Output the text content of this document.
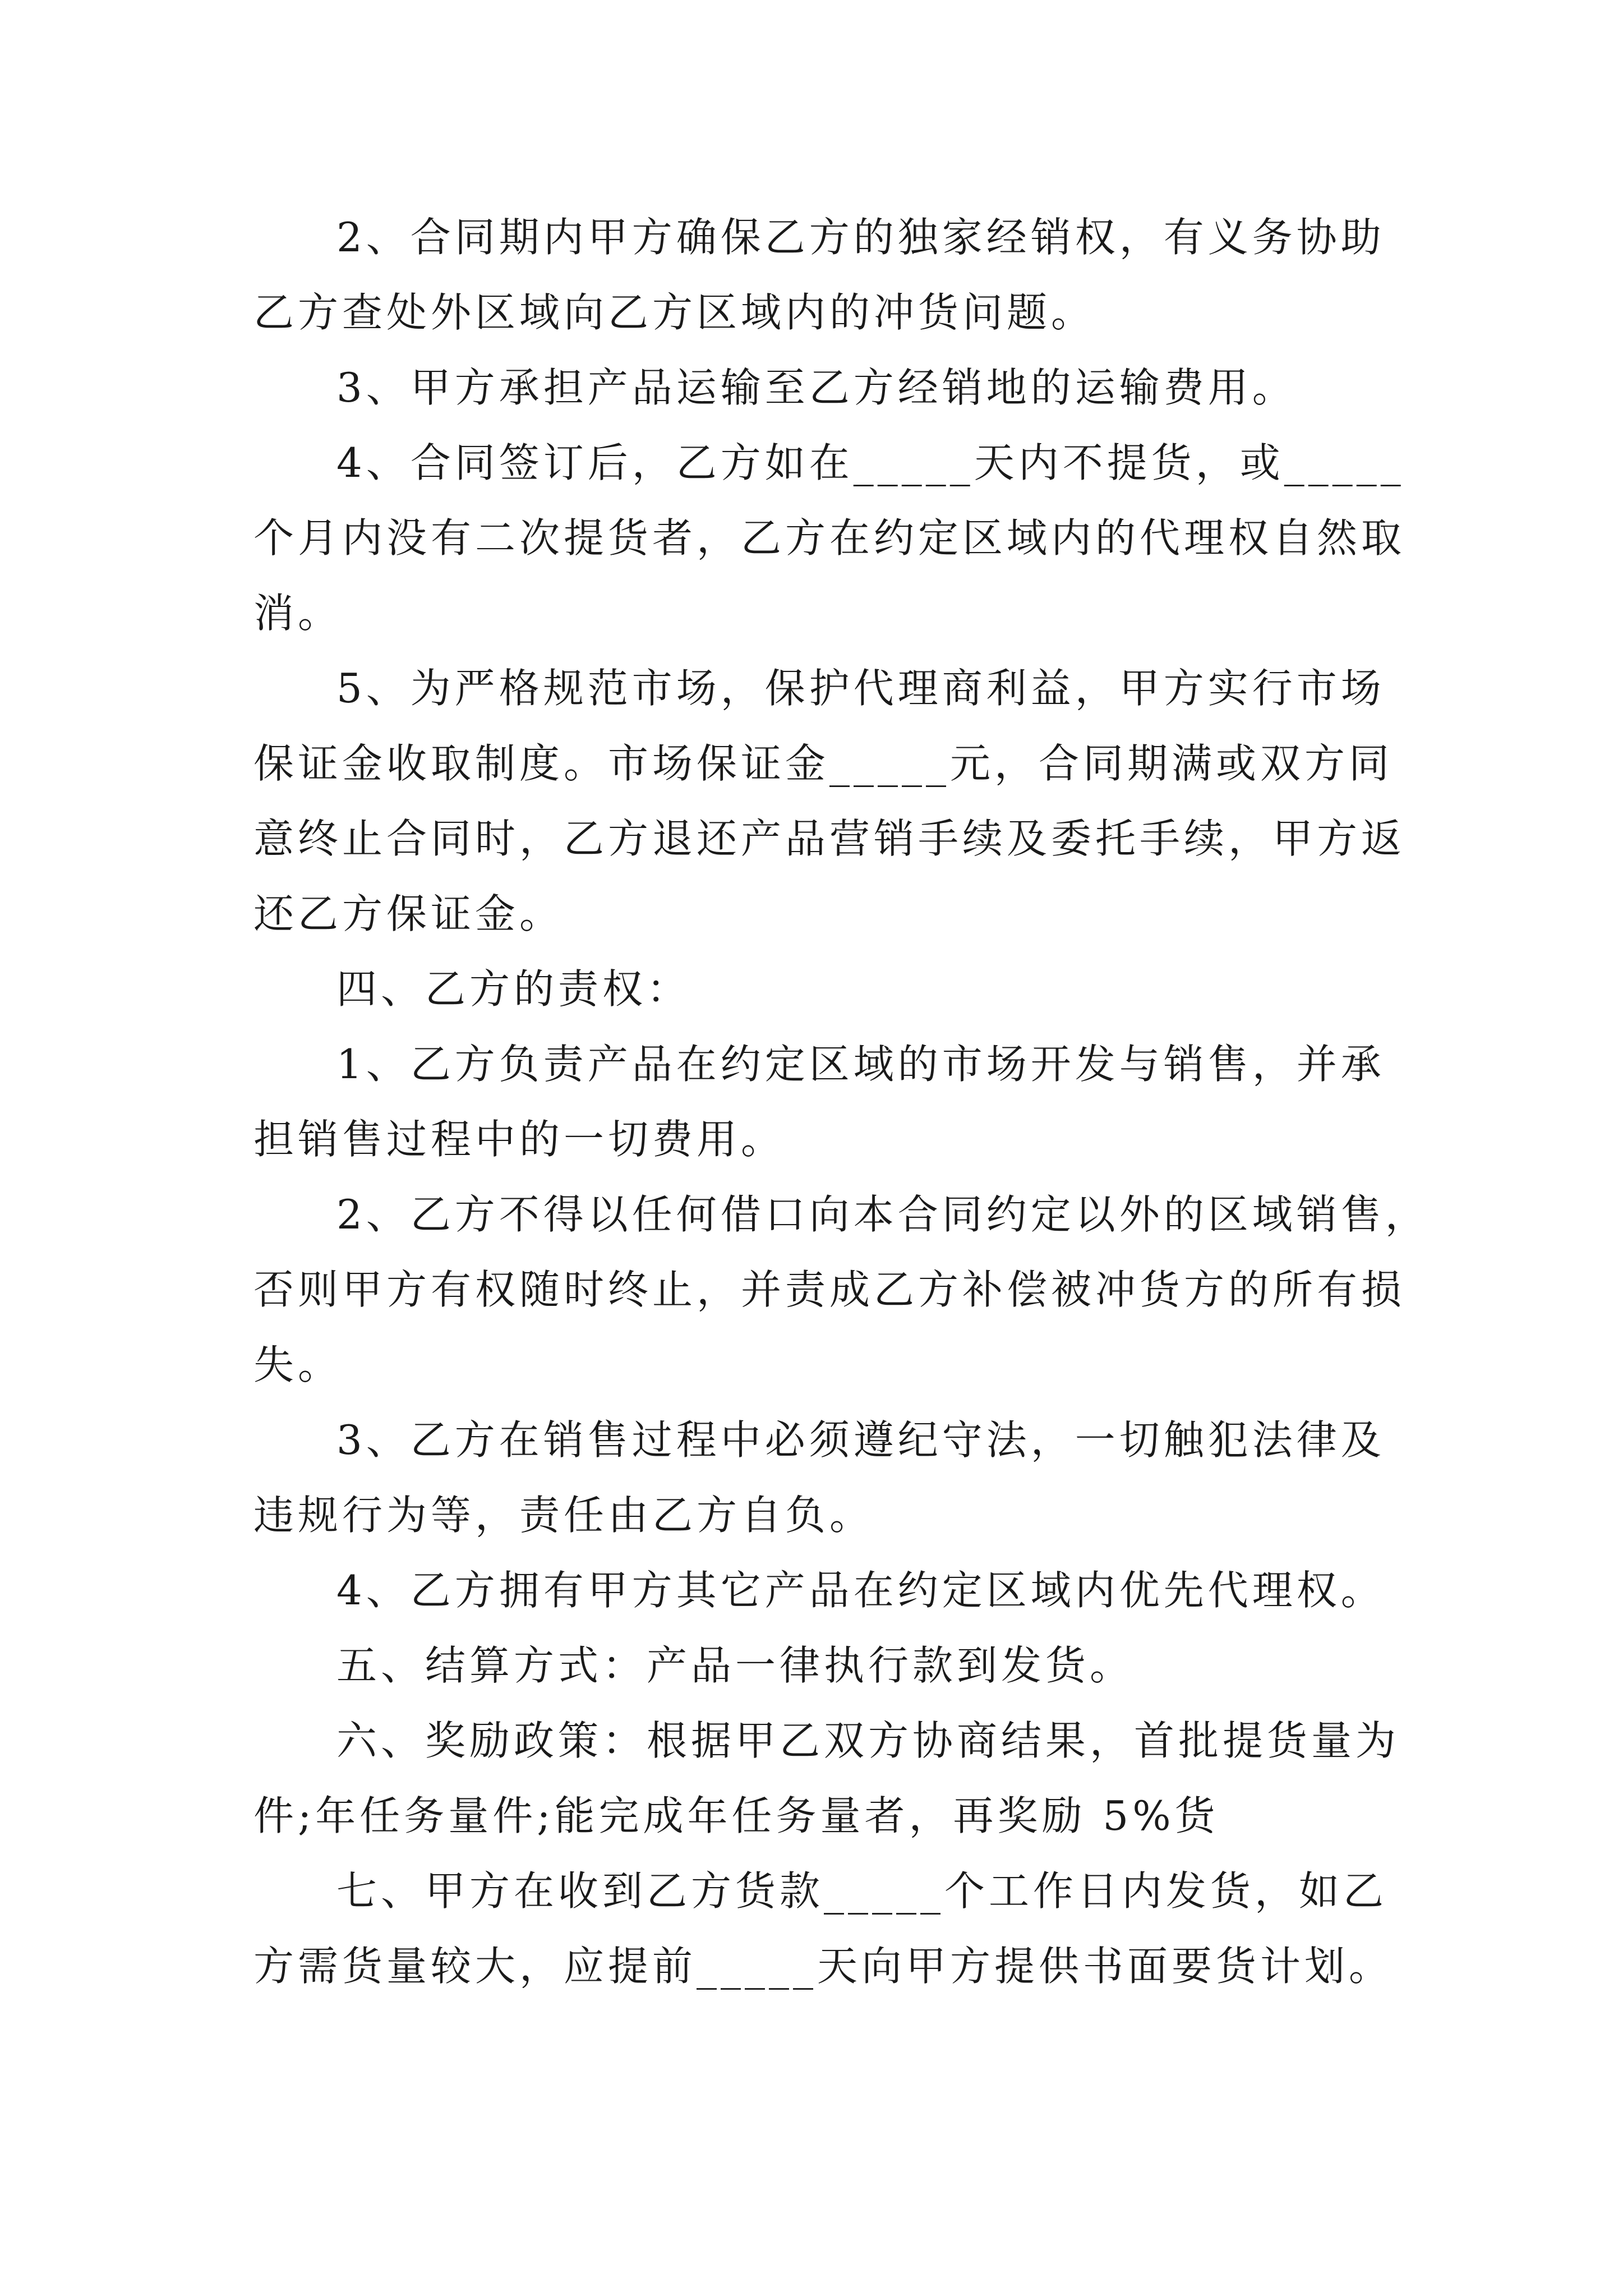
2、合同期内甲方确保乙方的独家经销权，有义务协助
乙方查处外区域向乙方区域内的冲货问题。
3、甲方承担产品运输至乙方经销地的运输费用。
4、合同签订后，乙方如在_____天内不提货，或_____
个月内没有二次提货者，乙方在约定区域内的代理权自然取
消。
5、为严格规范市场，保护代理商利益，甲方实行市场
保证金收取制度。市场保证金_____元，合同期满或双方同
意终止合同时，乙方退还产品营销手续及委托手续，甲方返
还乙方保证金。
四、乙方的责权：
1、乙方负责产品在约定区域的市场开发与销售，并承
担销售过程中的一切费用。
2、乙方不得以任何借口向本合同约定以外的区域销售，
否则甲方有权随时终止，并责成乙方补偿被冲货方的所有损
失。
3、乙方在销售过程中必须遵纪守法，一切触犯法律及
违规行为等，责任由乙方自负。
4、乙方拥有甲方其它产品在约定区域内优先代理权。
五、结算方式：产品一律执行款到发货。
六、奖励政策：根据甲乙双方协商结果，首批提货量为
件;年任务量件;能完成年任务量者，再奖励 5%货
七、甲方在收到乙方货款_____个工作日内发货，如乙
方需货量较大，应提前_____天向甲方提供书面要货计划。
